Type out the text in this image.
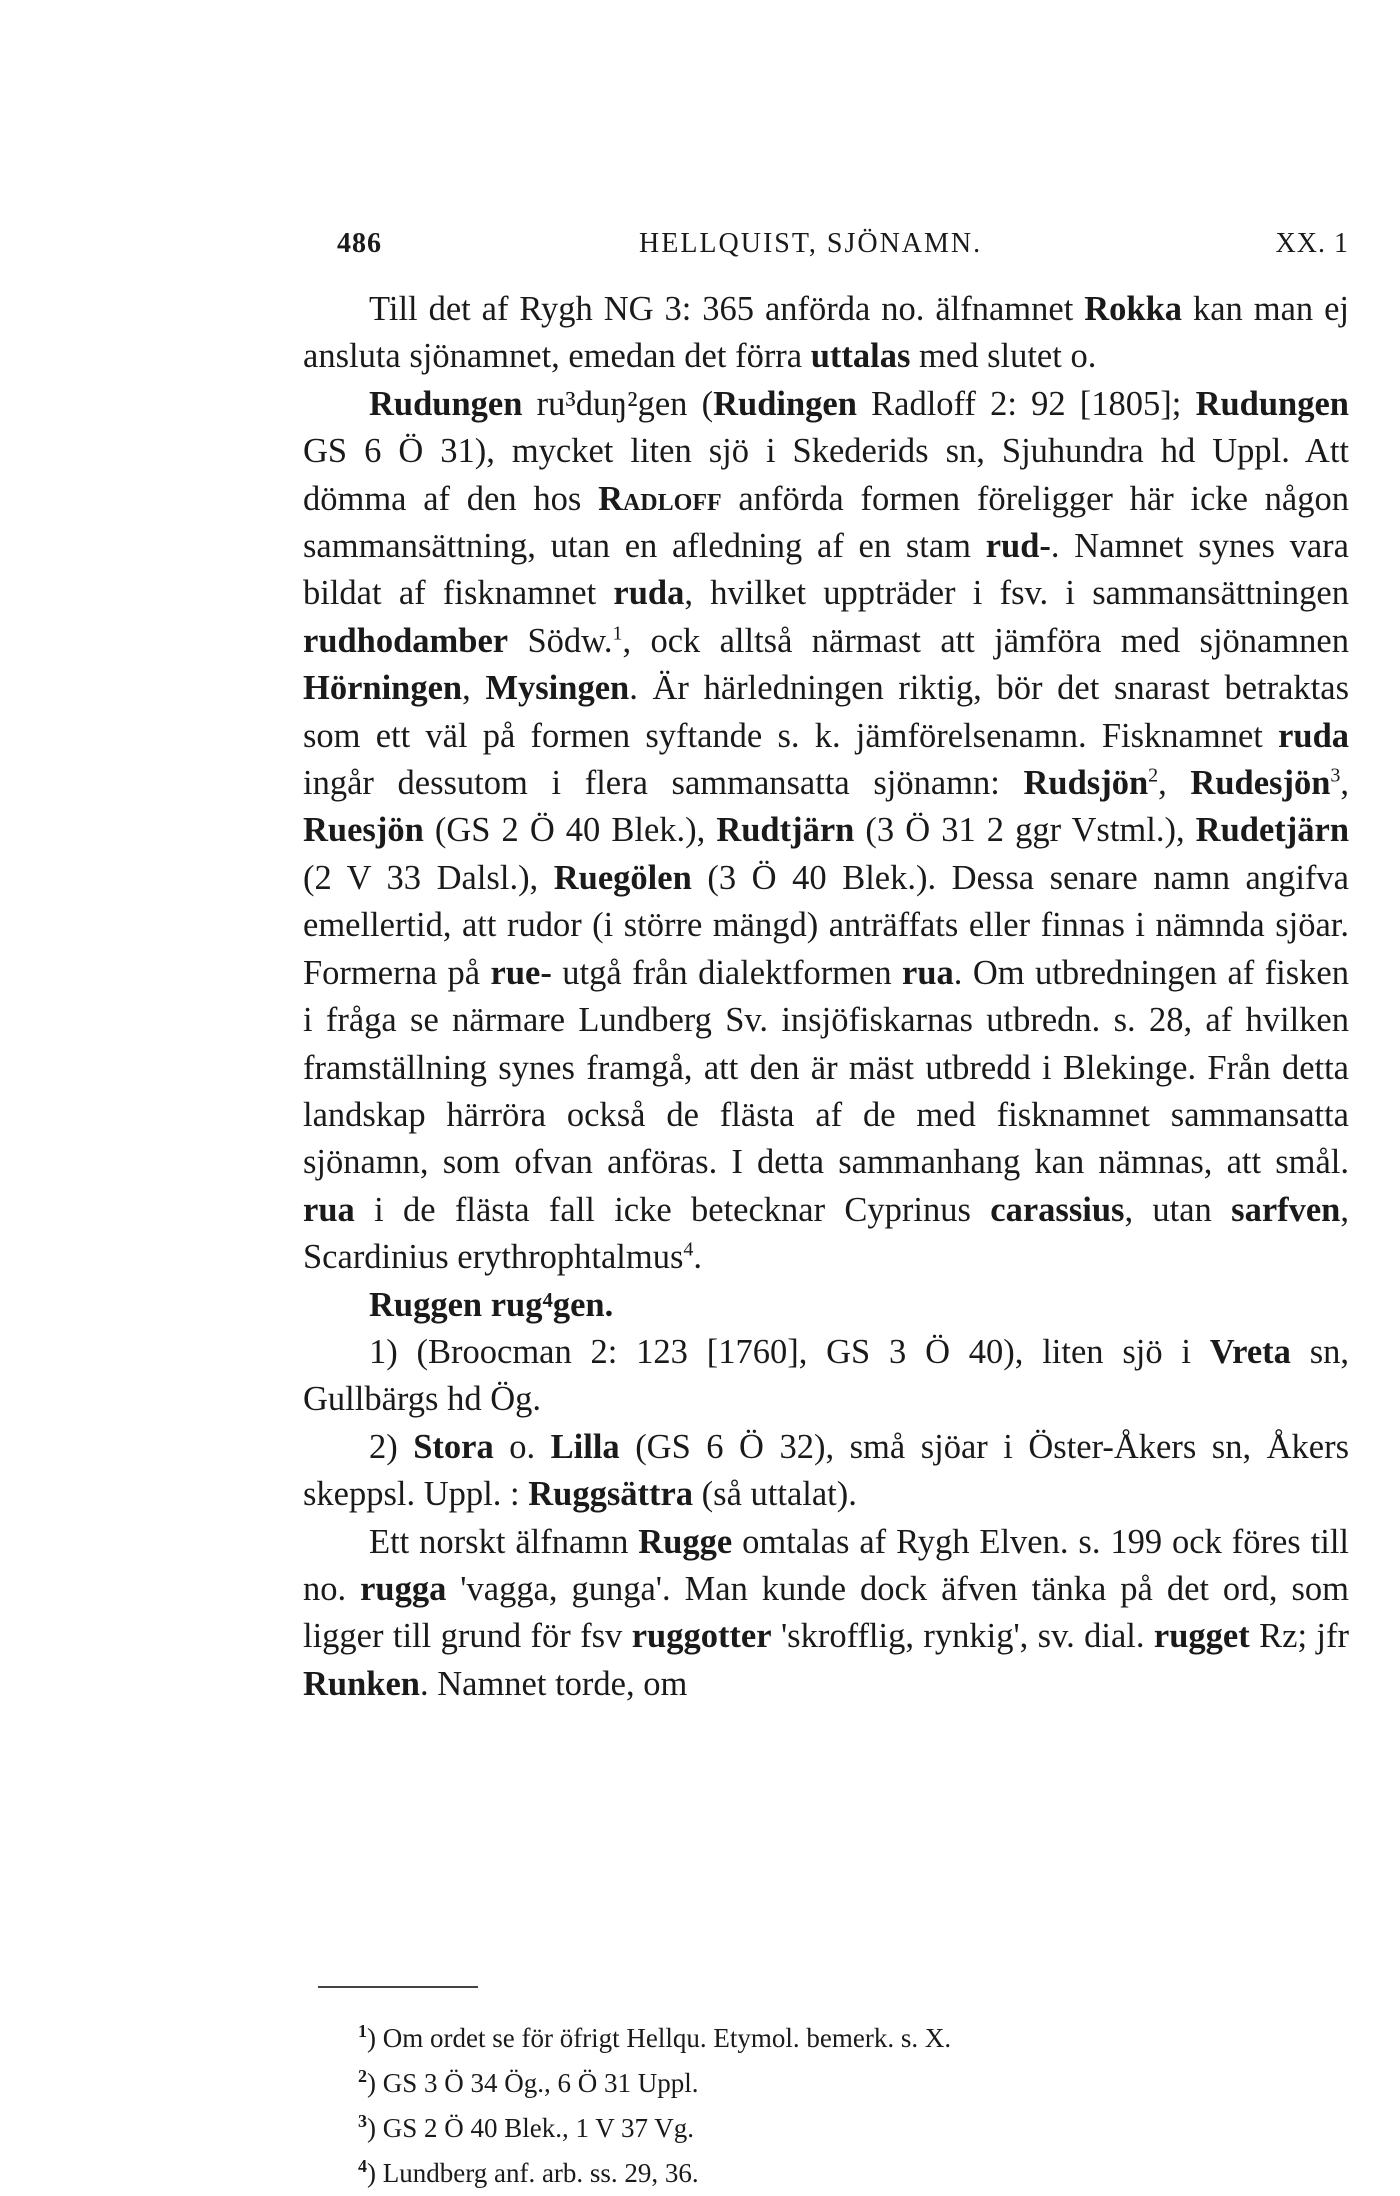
486	HELLQUIST, SJÖNAMN.	XX. 1

Till det af Rygh NG 3: 365 anförda no. älfnamnet Rokka kan man ej ansluta sjönamnet, emedan det förra uttalas med slutet o.

Rudungen ru³duŋ²gen (Rudingen Radloff 2: 92 [1805]; Rudungen GS 6 Ö 31), mycket liten sjö i Skederids sn, Sjuhundra hd Uppl. Att dömma af den hos Radloff anförda formen föreligger här icke någon sammansättning, utan en afledning af en stam rud-. Namnet synes vara bildat af fisknamnet ruda, hvilket uppträder i fsv. i sammansättningen rudhodamber Södw.$^1$, ock alltså närmast att jämföra med sjönamnen Hörningen, Mysingen. Är härledningen riktig, bör det snarast betraktas som ett väl på formen syftande s. k. jämförelsenamn. Fisknamnet ruda ingår dessutom i flera sammansatta sjönamn: Rudsjön$^2$, Rudesjön$^3$, Ruesjön (GS 2 Ö 40 Blek.), Rudtjärn (3 Ö 31 2 ggr Vstml.), Rudetjärn (2 V 33 Dalsl.), Ruegölen (3 Ö 40 Blek.). Dessa senare namn angifva emellertid, att rudor (i större mängd) anträffats eller finnas i nämnda sjöar. Formerna på rue- utgå från dialektformen rua. Om utbredningen af fisken i fråga se närmare Lundberg Sv. insjöfiskarnas utbredn. s. 28, af hvilken framställning synes framgå, att den är mäst utbredd i Blekinge. Från detta landskap härröra också de flästa af de med fisknamnet sammansatta sjönamn, som ofvan anföras. I detta sammanhang kan nämnas, att smål. rua i de flästa fall icke betecknar Cyprinus carassius, utan sarfven, Scardinius erythrophtalmus$^4$.

Ruggen rug⁴gen.

1) (Broocman 2: 123 [1760], GS 3 Ö 40), liten sjö i Vreta sn, Gullbärgs hd Ög.

2) Stora o. Lilla (GS 6 Ö 32), små sjöar i Öster-Åkers sn, Åkers skeppsl. Uppl. : Ruggsättra (så uttalat).

Ett norskt älfnamn Rugge omtalas af Rygh Elven. s. 199 ock föres till no. rugga 'vagga, gunga'. Man kunde dock äfven tänka på det ord, som ligger till grund för fsv ruggotter 'skrofflig, rynkig', sv. dial. rugget Rz; jfr Runken. Namnet torde, om

$^1$) Om ordet se för öfrigt Hellqu. Etymol. bemerk. s. X.
$^2$) GS 3 Ö 34 Ög., 6 Ö 31 Uppl.
$^3$) GS 2 Ö 40 Blek., 1 V 37 Vg.
$^4$) Lundberg anf. arb. ss. 29, 36.
